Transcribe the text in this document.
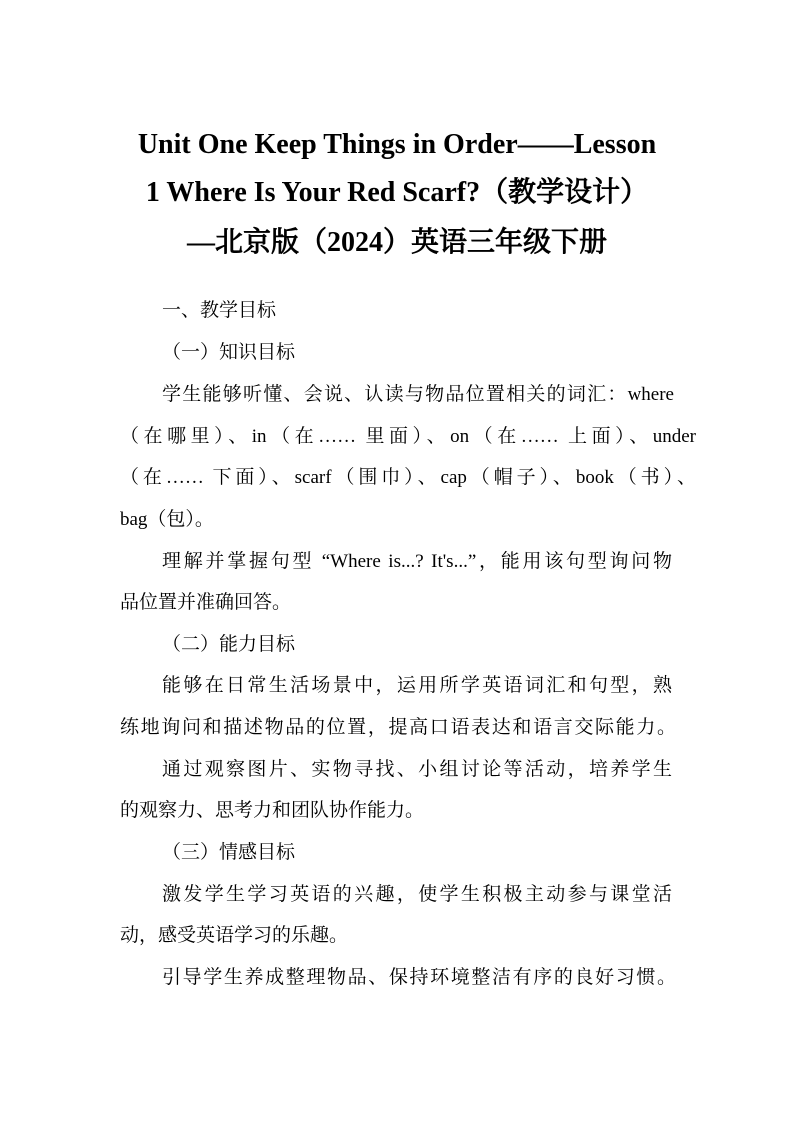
Unit One Keep Things in Order——Lesson
1 Where Is Your Red Scarf?（教学设计）
—北京版（2024）英语三年级下册
一、教学目标
（一）知识目标
学生能够听懂、会说、认读与物品位置相关的词汇：where
（在哪里）、in（在…… 里面）、on（在…… 上面）、under
（在…… 下面）、scarf（围巾）、cap（帽子）、book（书）、
bag（包）。
理解并掌握句型 “Where is...? It's...”，能用该句型询问物
品位置并准确回答。
（二）能力目标
能够在日常生活场景中，运用所学英语词汇和句型，熟
练地询问和描述物品的位置，提高口语表达和语言交际能力。
通过观察图片、实物寻找、小组讨论等活动，培养学生
的观察力、思考力和团队协作能力。
（三）情感目标
激发学生学习英语的兴趣，使学生积极主动参与课堂活
动，感受英语学习的乐趣。
引导学生养成整理物品、保持环境整洁有序的良好习惯。
